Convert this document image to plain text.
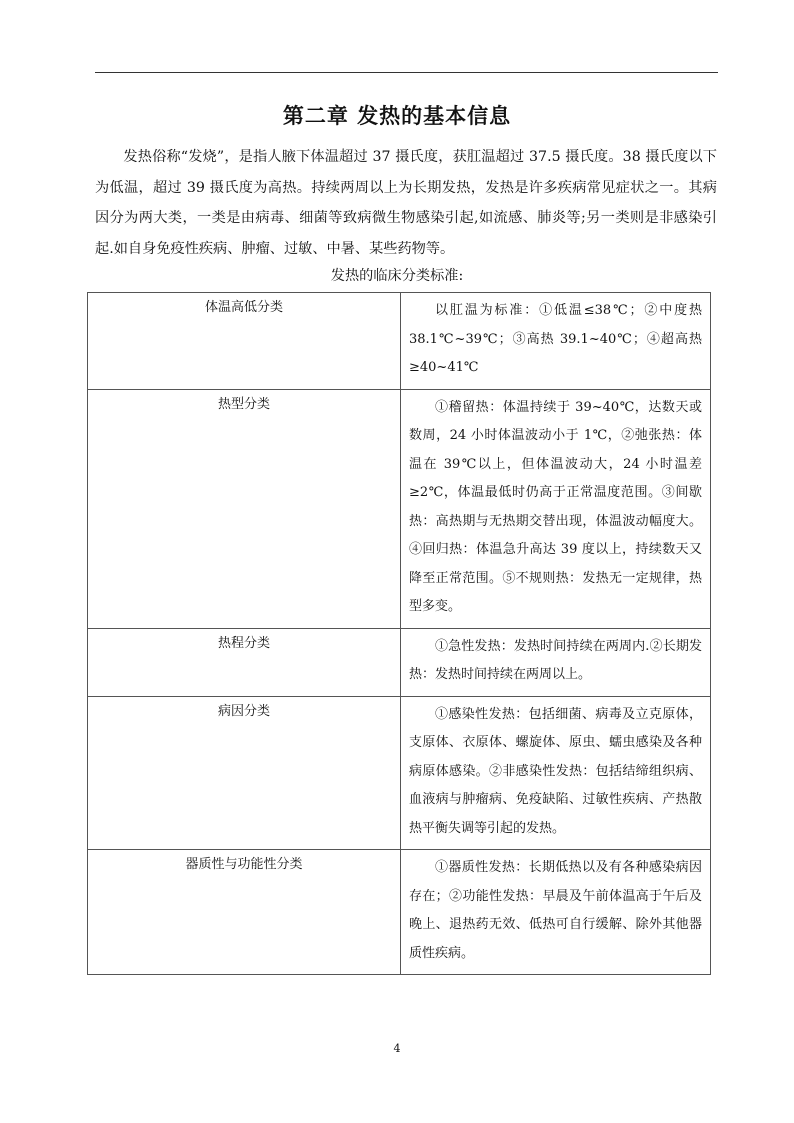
第二章 发热的基本信息

发热俗称“发烧”，是指人腋下体温超过 37 摄氏度，获肛温超过 37.5 摄氏度。38 摄氏度以下为低温，超过 39 摄氏度为高热。持续两周以上为长期发热，发热是许多疾病常见症状之一。其病因分为两大类，一类是由病毒、细菌等致病微生物感染引起,如流感、肺炎等;另一类则是非感染引起.如自身免疫性疾病、肿瘤、过敏、中暑、某些药物等。

发热的临床分类标准:

体温高低分类	以肛温为标准：①低温≤38℃；②中度热 38.1℃~39℃；③高热 39.1~40℃；④超高热≥40~41℃
热型分类	①稽留热：体温持续于 39~40℃，达数天或数周，24 小时体温波动小于 1℃，②弛张热：体温在 39℃以上，但体温波动大，24 小时温差≥2℃，体温最低时仍高于正常温度范围。③间歇热：高热期与无热期交替出现，体温波动幅度大。④回归热：体温急升高达 39 度以上，持续数天又降至正常范围。⑤不规则热：发热无一定规律，热型多变。
热程分类	①急性发热：发热时间持续在两周内.②长期发热：发热时间持续在两周以上。
病因分类	①感染性发热：包括细菌、病毒及立克原体，支原体、衣原体、螺旋体、原虫、蠕虫感染及各种病原体感染。②非感染性发热：包括结缔组织病、血液病与肿瘤病、免疫缺陷、过敏性疾病、产热散热平衡失调等引起的发热。
器质性与功能性分类	①器质性发热：长期低热以及有各种感染病因存在；②功能性发热：早晨及午前体温高于午后及晚上、退热药无效、低热可自行缓解、除外其他器质性疾病。
4
